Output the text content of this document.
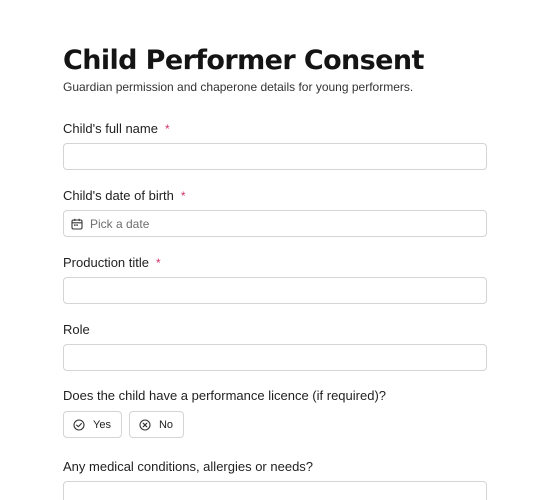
Child Performer Consent
Guardian permission and chaperone details for young performers.
Child's full name *
Child's date of birth *
Pick a date
Production title *
Role
Does the child have a performance licence (if required)?
Yes	No
Any medical conditions, allergies or needs?
